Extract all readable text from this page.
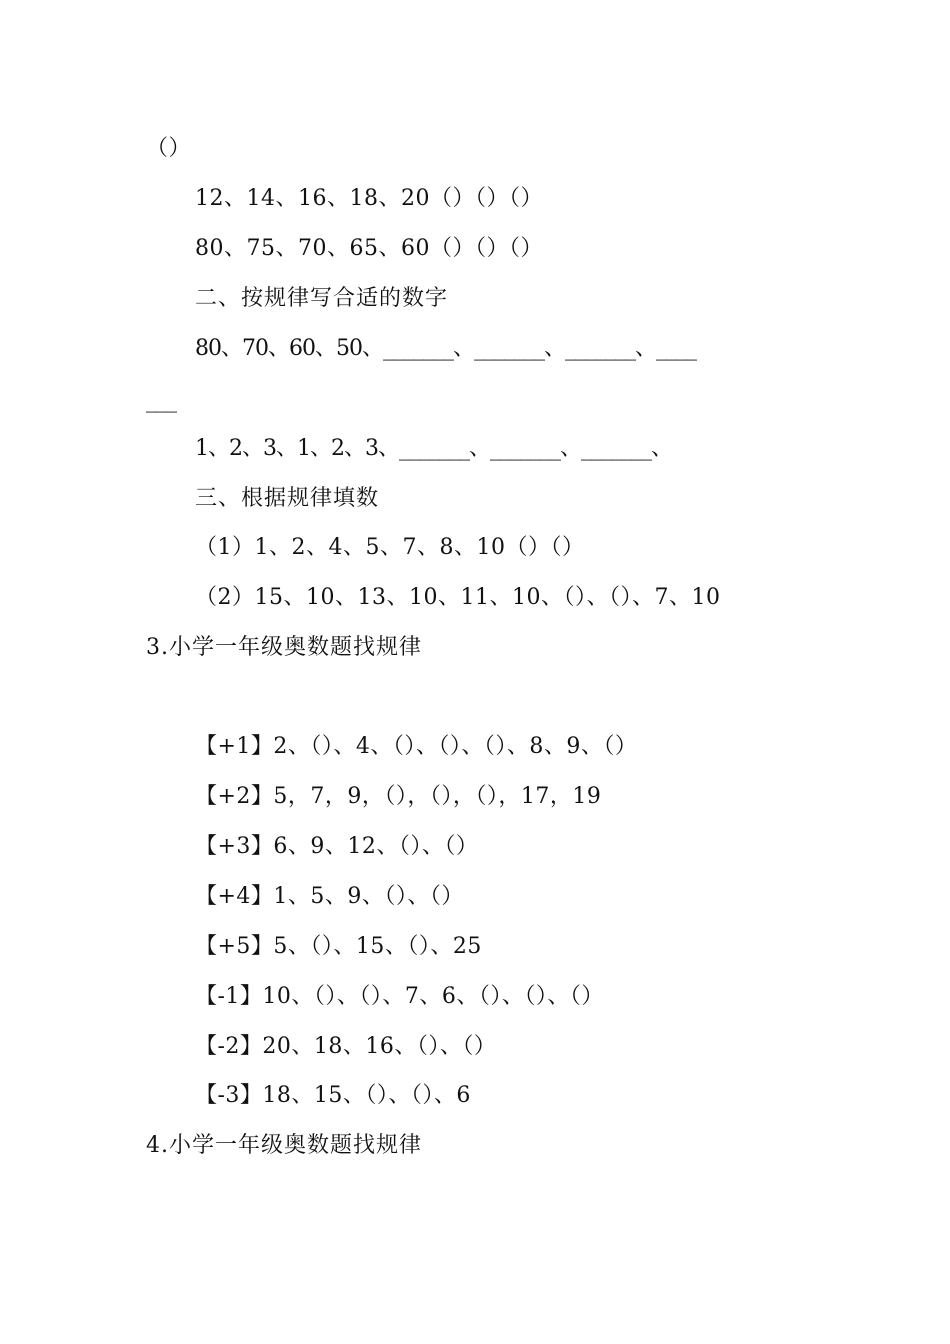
（）
12、14、16、18、20（）（）（）
80、75、70、65、60（）（）（）
二、按规律写合适的数字
80、70、60、50、_______、_______、_______、____
___
1、2、3、1、2、3、_______、_______、_______、
三、根据规律填数
（1）1、2、4、5、7、8、10（）（）
（2）15、10、13、10、11、10、（）、（）、7、10
3.小学一年级奥数题找规律
【+1】2、（）、4、（）、（）、（）、8、9、（）
【+2】5，7，9，（），（），（），17，19
【+3】6、9、12、（）、（）
【+4】1、5、9、（）、（）
【+5】5、（）、15、（）、25
【-1】10、（）、（）、7、6、（）、（）、（）
【-2】20、18、16、（）、（）
【-3】18、15、（）、（）、6
4.小学一年级奥数题找规律
